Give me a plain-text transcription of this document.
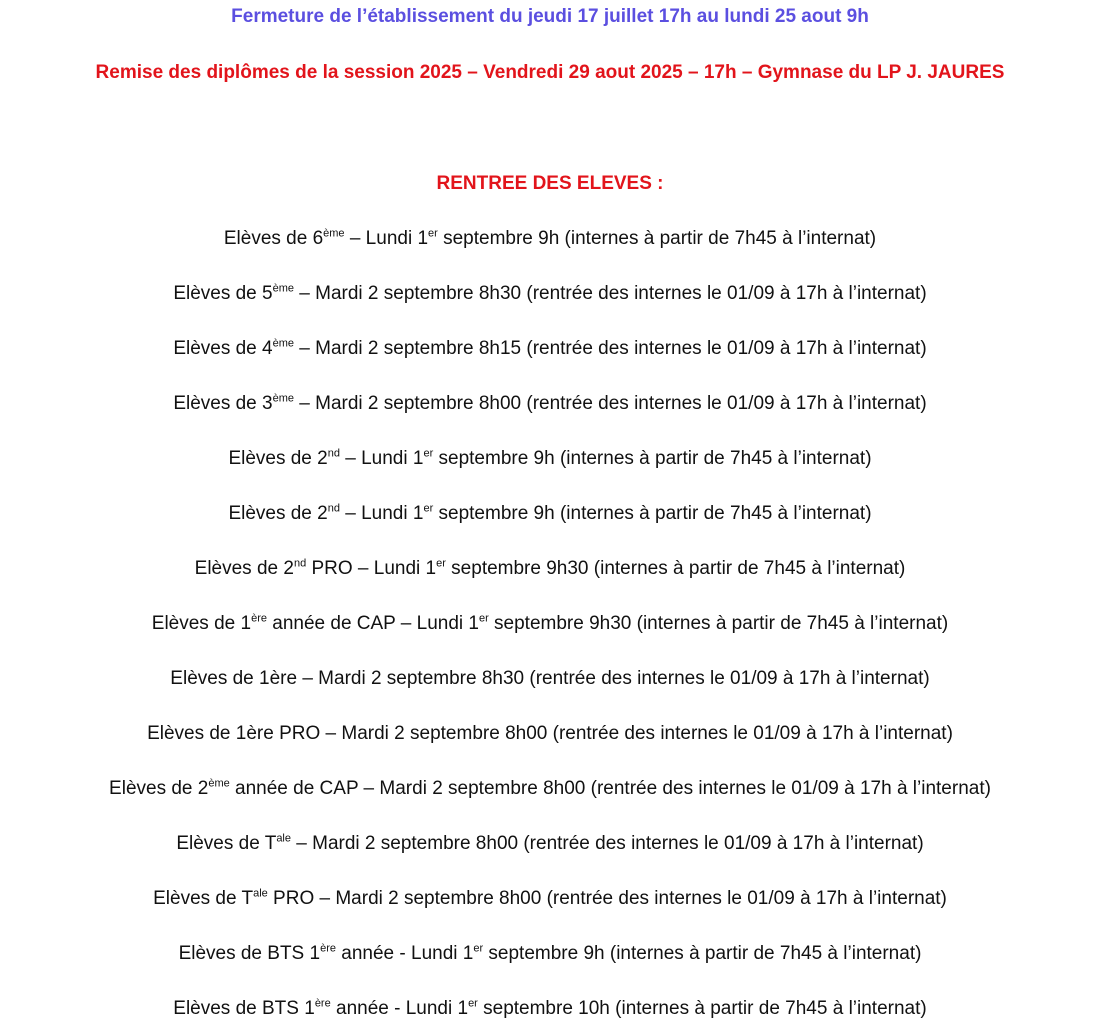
Fermeture de l’établissement du jeudi 17 juillet 17h au lundi 25 aout 9h
Remise des diplômes de la session 2025 – Vendredi 29 aout 2025 – 17h – Gymnase du LP J. JAURES
RENTREE DES ELEVES :
Elèves de 6ème – Lundi 1er septembre 9h (internes à partir de 7h45 à l’internat)
Elèves de 5ème – Mardi 2 septembre 8h30 (rentrée des internes le 01/09 à 17h à l’internat)
Elèves de 4ème – Mardi 2 septembre 8h15 (rentrée des internes le 01/09 à 17h à l’internat)
Elèves de 3ème – Mardi 2 septembre 8h00 (rentrée des internes le 01/09 à 17h à l’internat)
Elèves de 2nd – Lundi 1er septembre 9h (internes à partir de 7h45 à l’internat)
Elèves de 2nd – Lundi 1er septembre 9h (internes à partir de 7h45 à l’internat)
Elèves de 2nd PRO – Lundi 1er septembre 9h30 (internes à partir de 7h45 à l’internat)
Elèves de 1ère année de CAP – Lundi 1er septembre 9h30 (internes à partir de 7h45 à l’internat)
Elèves de 1ère – Mardi 2 septembre 8h30 (rentrée des internes le 01/09 à 17h à l’internat)
Elèves de 1ère PRO – Mardi 2 septembre 8h00 (rentrée des internes le 01/09 à 17h à l’internat)
Elèves de 2ème année de CAP – Mardi 2 septembre 8h00 (rentrée des internes le 01/09 à 17h à l’internat)
Elèves de $T^{ale}$ – Mardi 2 septembre 8h00 (rentrée des internes le 01/09 à 17h à l’internat)
Elèves de $T^{ale}$ PRO – Mardi 2 septembre 8h00 (rentrée des internes le 01/09 à 17h à l’internat)
Elèves de BTS 1ère année - Lundi 1er septembre 9h (internes à partir de 7h45 à l’internat)
Elèves de BTS 1ère année - Lundi 1er septembre 10h (internes à partir de 7h45 à l’internat)
